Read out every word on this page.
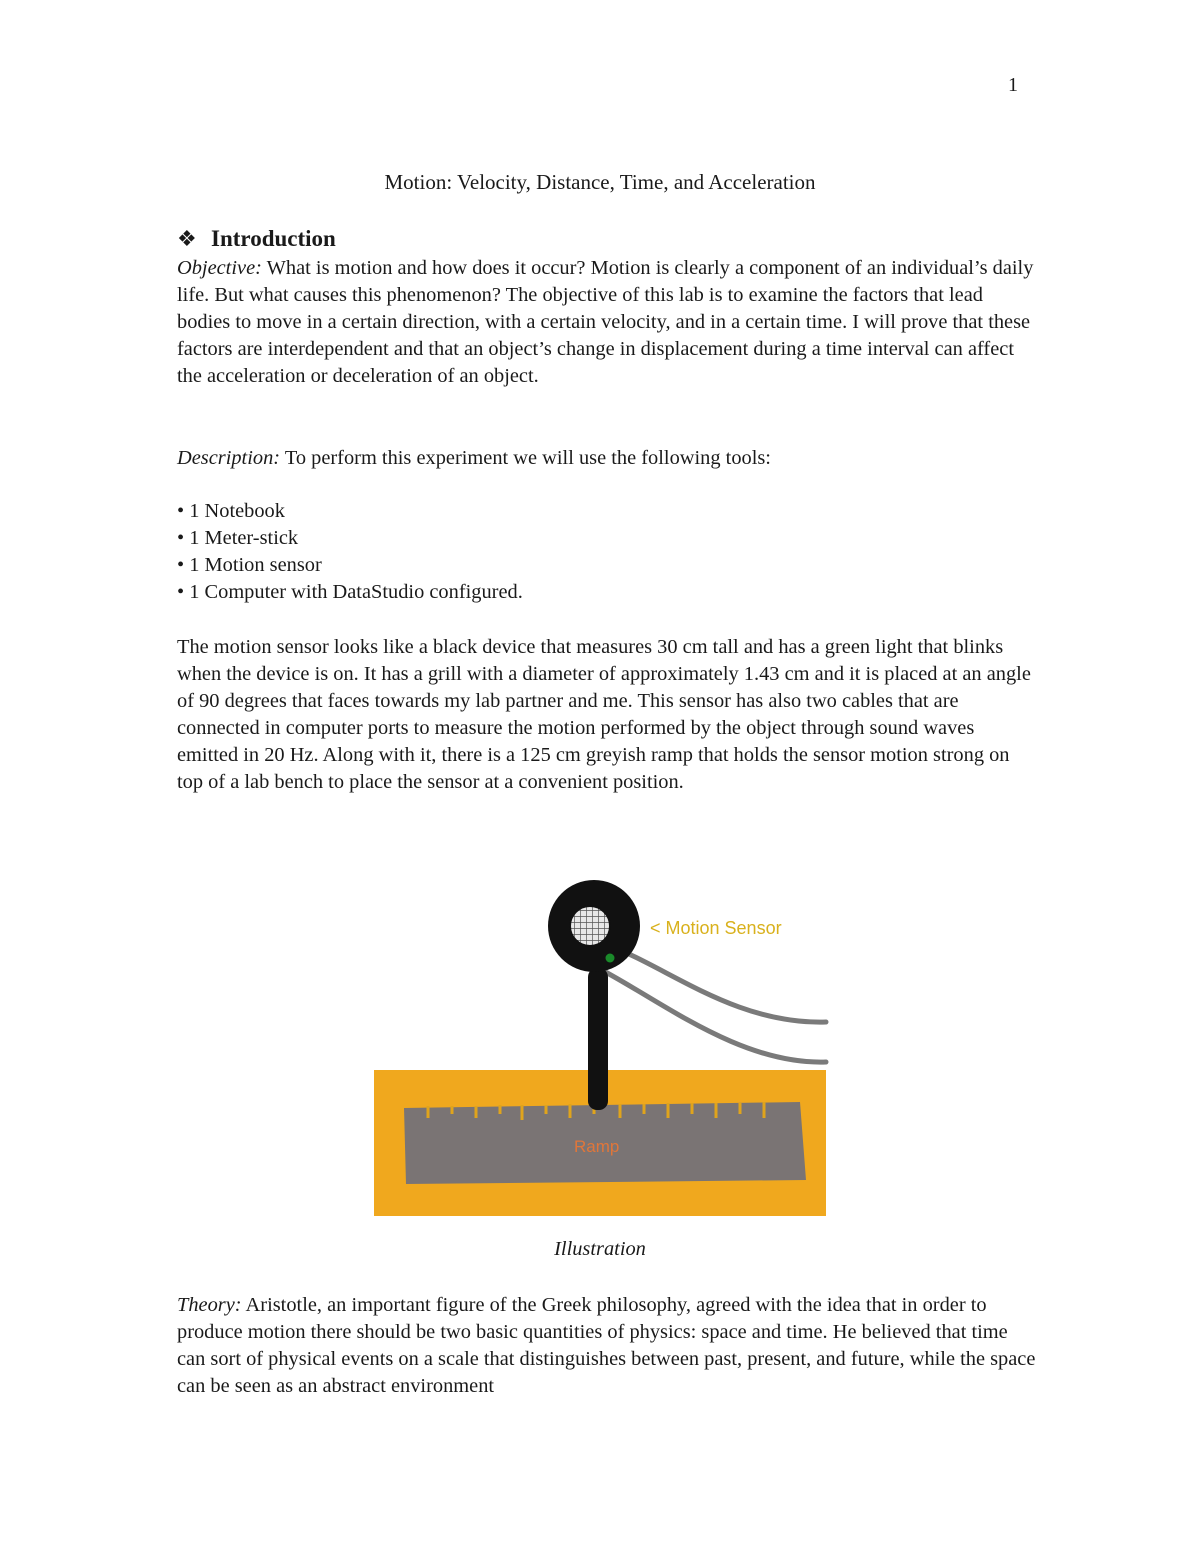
1
Motion: Velocity, Distance, Time, and Acceleration
❖ Introduction

Objective: What is motion and how does it occur? Motion is clearly a component of an individual’s daily life. But what causes this phenomenon? The objective of this lab is to examine the factors that lead bodies to move in a certain direction, with a certain velocity, and in a certain time. I will prove that these factors are interdependent and that an object’s change in displacement during a time interval can affect the acceleration or deceleration of an object.

Description: To perform this experiment we will use the following tools:

• 1 Notebook
• 1 Meter-stick
• 1 Motion sensor
• 1 Computer with DataStudio configured.

The motion sensor looks like a black device that measures 30 cm tall and has a green light that blinks when the device is on. It has a grill with a diameter of approximately 1.43 cm and it is placed at an angle of 90 degrees that faces towards my lab partner and me. This sensor has also two cables that are connected in computer ports to measure the motion performed by the object through sound waves emitted in 20 Hz. Along with it, there is a 125 cm greyish ramp that holds the sensor motion strong on top of a lab bench to place the sensor at a convenient position.

< Motion Sensor
Ramp
Illustration

Theory: Aristotle, an important figure of the Greek philosophy, agreed with the idea that in order to produce motion there should be two basic quantities of physics: space and time. He believed that time can sort of physical events on a scale that distinguishes between past, present, and future, while the space can be seen as an abstract environment
